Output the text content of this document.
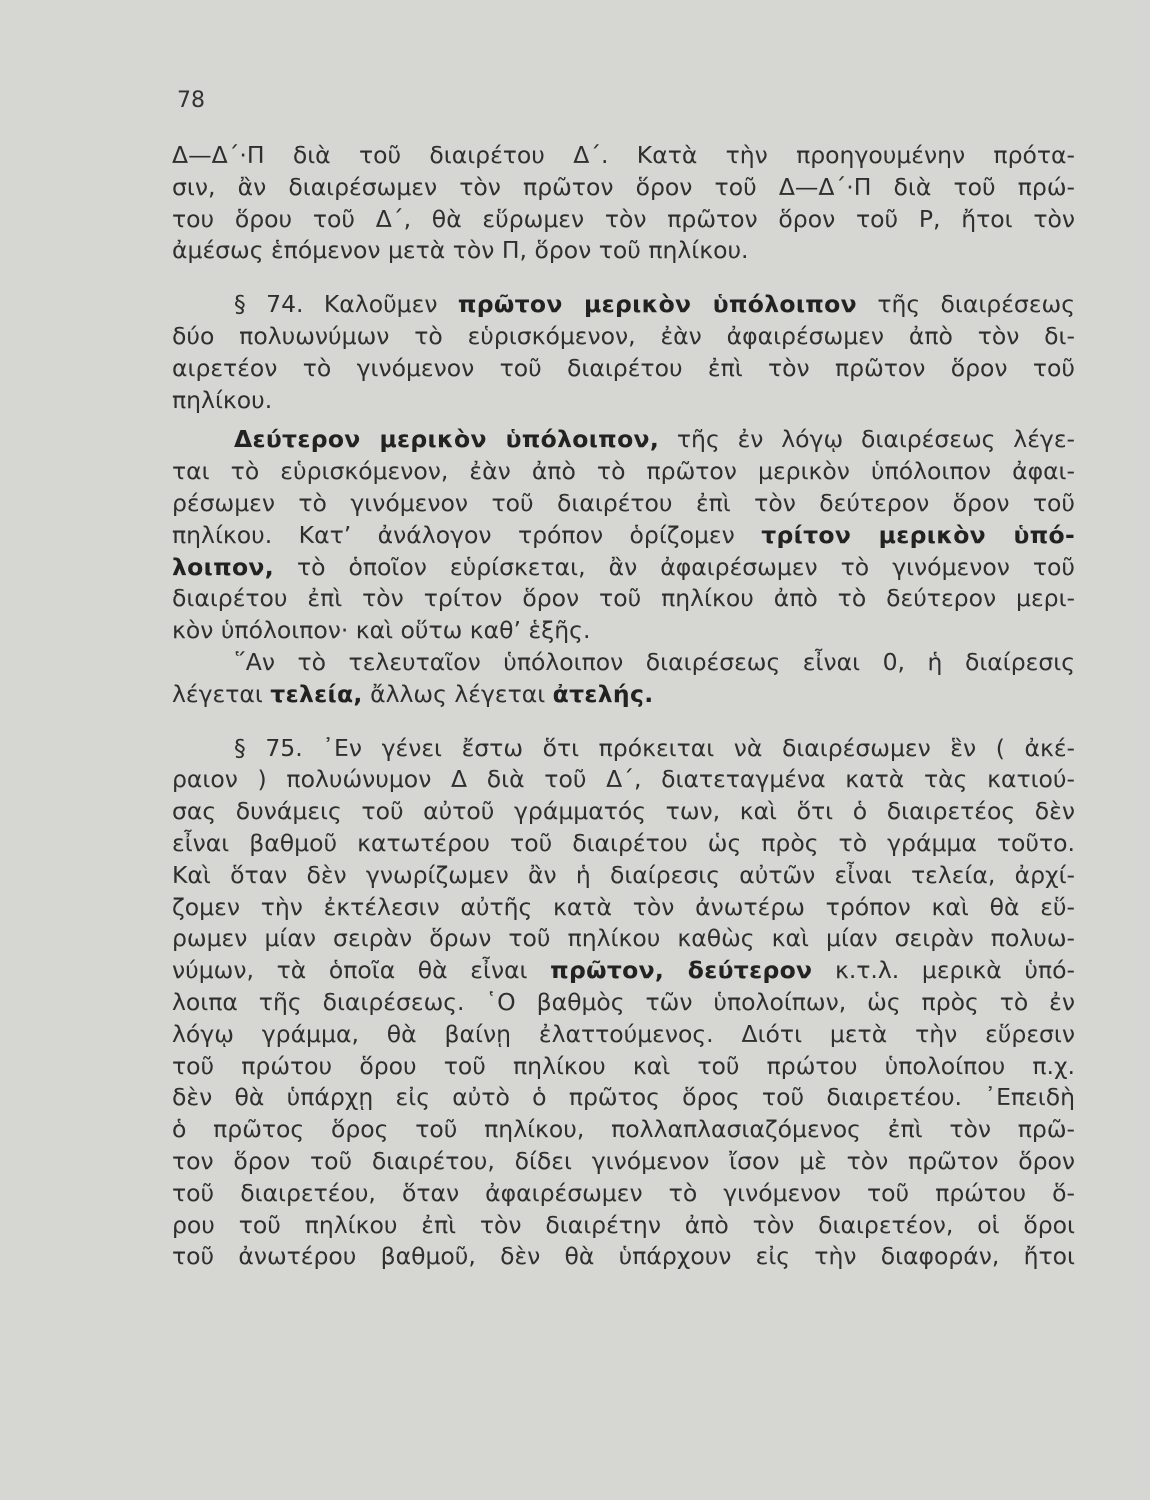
78
Δ—Δ΄·Π διὰ τοῦ διαιρέτου Δ΄. Κατὰ τὴν προηγουμένην πρότα-
σιν, ἂν διαιρέσωμεν τὸν πρῶτον ὅρον τοῦ Δ—Δ΄·Π διὰ τοῦ πρώ-
του ὅρου τοῦ Δ΄, θὰ εὕρωμεν τὸν πρῶτον ὅρον τοῦ Ρ, ἤτοι τὸν
ἀμέσως ἑπόμενον μετὰ τὸν Π, ὅρον τοῦ πηλίκου.
§ 74. Καλοῦμεν πρῶτον μερικὸν ὑπόλοιπον τῆς διαιρέσεως
δύο πολυωνύμων τὸ εὑρισκόμενον, ἐὰν ἀφαιρέσωμεν ἀπὸ τὸν δι-
αιρετέον τὸ γινόμενον τοῦ διαιρέτου ἐπὶ τὸν πρῶτον ὅρον τοῦ
πηλίκου.
Δεύτερον μερικὸν ὑπόλοιπον, τῆς ἐν λόγῳ διαιρέσεως λέγε-
ται τὸ εὑρισκόμενον, ἐὰν ἀπὸ τὸ πρῶτον μερικὸν ὑπόλοιπον ἀφαι-
ρέσωμεν τὸ γινόμενον τοῦ διαιρέτου ἐπὶ τὸν δεύτερον ὅρον τοῦ
πηλίκου. Κατ’ ἀνάλογον τρόπον ὁρίζομεν τρίτον μερικὸν ὑπό-
λοιπον, τὸ ὁποῖον εὑρίσκεται, ἂν ἀφαιρέσωμεν τὸ γινόμενον τοῦ
διαιρέτου ἐπὶ τὸν τρίτον ὅρον τοῦ πηλίκου ἀπὸ τὸ δεύτερον μερι-
κὸν ὑπόλοιπον· καὶ οὕτω καθ’ ἑξῆς.
῞Αν τὸ τελευταῖον ὑπόλοιπον διαιρέσεως εἶναι 0, ἡ διαίρεσις
λέγεται τελεία, ἄλλως λέγεται ἀτελής.
§ 75. ᾿Εν γένει ἔστω ὅτι πρόκειται νὰ διαιρέσωμεν ἓν ( ἀκέ-
ραιον ) πολυώνυμον Δ διὰ τοῦ Δ΄, διατεταγμένα κατὰ τὰς κατιού-
σας δυνάμεις τοῦ αὐτοῦ γράμματός των, καὶ ὅτι ὁ διαιρετέος δὲν
εἶναι βαθμοῦ κατωτέρου τοῦ διαιρέτου ὡς πρὸς τὸ γράμμα τοῦτο.
Καὶ ὅταν δὲν γνωρίζωμεν ἂν ἡ διαίρεσις αὐτῶν εἶναι τελεία, ἀρχί-
ζομεν τὴν ἐκτέλεσιν αὐτῆς κατὰ τὸν ἀνωτέρω τρόπον καὶ θὰ εὕ-
ρωμεν μίαν σειρὰν ὅρων τοῦ πηλίκου καθὼς καὶ μίαν σειρὰν πολυω-
νύμων, τὰ ὁποῖα θὰ εἶναι πρῶτον, δεύτερον κ.τ.λ. μερικὰ ὑπό-
λοιπα τῆς διαιρέσεως. ῾Ο βαθμὸς τῶν ὑπολοίπων, ὡς πρὸς τὸ ἐν
λόγῳ γράμμα, θὰ βαίνῃ ἐλαττούμενος. Διότι μετὰ τὴν εὕρεσιν
τοῦ πρώτου ὅρου τοῦ πηλίκου καὶ τοῦ πρώτου ὑπολοίπου π.χ.
δὲν θὰ ὑπάρχῃ εἰς αὐτὸ ὁ πρῶτος ὅρος τοῦ διαιρετέου. ᾿Επειδὴ
ὁ πρῶτος ὅρος τοῦ πηλίκου, πολλαπλασιαζόμενος ἐπὶ τὸν πρῶ-
τον ὅρον τοῦ διαιρέτου, δίδει γινόμενον ἴσον μὲ τὸν πρῶτον ὅρον
τοῦ διαιρετέου, ὅταν ἀφαιρέσωμεν τὸ γινόμενον τοῦ πρώτου ὅ-
ρου τοῦ πηλίκου ἐπὶ τὸν διαιρέτην ἀπὸ τὸν διαιρετέον, οἱ ὅροι
τοῦ ἀνωτέρου βαθμοῦ, δὲν θὰ ὑπάρχουν εἰς τὴν διαφοράν, ἤτοι
